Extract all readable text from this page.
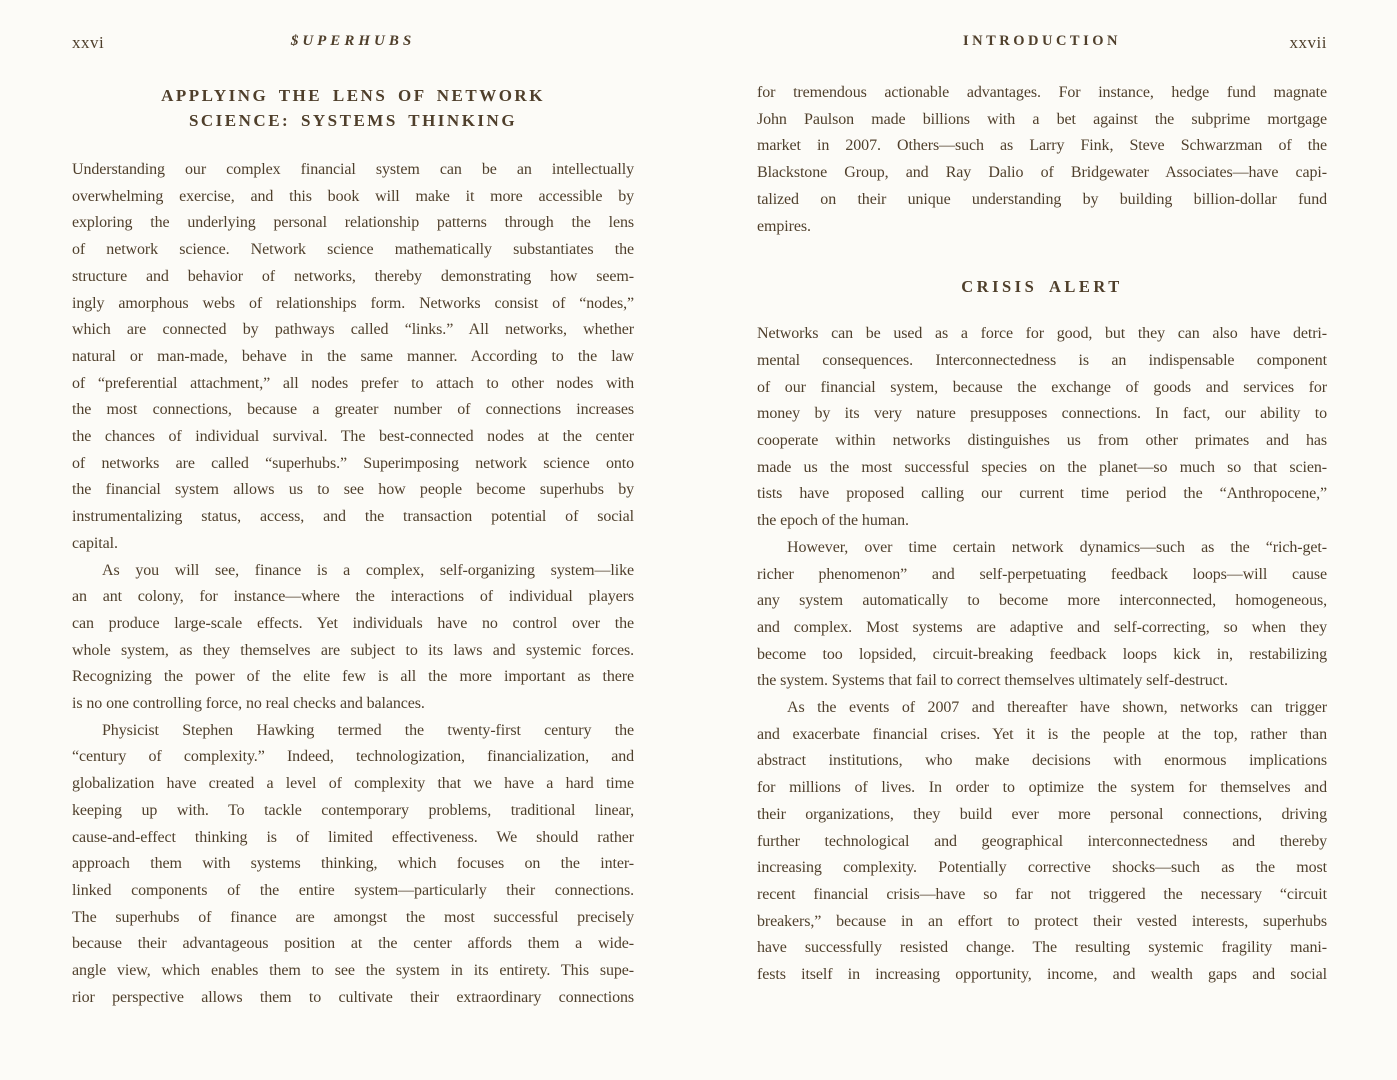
xxvi	$UPERHUBS
APPLYING THE LENS OF NETWORK
SCIENCE: SYSTEMS THINKING

Understanding our complex financial system can be an intellectually
overwhelming exercise, and this book will make it more accessible by
exploring the underlying personal relationship patterns through the lens
of network science. Network science mathematically substantiates the
structure and behavior of networks, thereby demonstrating how seem-
ingly amorphous webs of relationships form. Networks consist of “nodes,”
which are connected by pathways called “links.” All networks, whether
natural or man-made, behave in the same manner. According to the law
of “preferential attachment,” all nodes prefer to attach to other nodes with
the most connections, because a greater number of connections increases
the chances of individual survival. The best-connected nodes at the center
of networks are called “superhubs.” Superimposing network science onto
the financial system allows us to see how people become superhubs by
instrumentalizing status, access, and the transaction potential of social
capital.

As you will see, finance is a complex, self-organizing system—like
an ant colony, for instance—where the interactions of individual players
can produce large-scale effects. Yet individuals have no control over the
whole system, as they themselves are subject to its laws and systemic forces.
Recognizing the power of the elite few is all the more important as there
is no one controlling force, no real checks and balances.

Physicist Stephen Hawking termed the twenty-first century the
“century of complexity.” Indeed, technologization, financialization, and
globalization have created a level of complexity that we have a hard time
keeping up with. To tackle contemporary problems, traditional linear,
cause-and-effect thinking is of limited effectiveness. We should rather
approach them with systems thinking, which focuses on the inter-
linked components of the entire system—particularly their connections.
The superhubs of finance are amongst the most successful precisely
because their advantageous position at the center affords them a wide-
angle view, which enables them to see the system in its entirety. This supe-
rior perspective allows them to cultivate their extraordinary connections

INTRODUCTION	xxvii

for tremendous actionable advantages. For instance, hedge fund magnate
John Paulson made billions with a bet against the subprime mortgage
market in 2007. Others—such as Larry Fink, Steve Schwarzman of the
Blackstone Group, and Ray Dalio of Bridgewater Associates—have capi-
talized on their unique understanding by building billion-dollar fund
empires.

CRISIS ALERT

Networks can be used as a force for good, but they can also have detri-
mental consequences. Interconnectedness is an indispensable component
of our financial system, because the exchange of goods and services for
money by its very nature presupposes connections. In fact, our ability to
cooperate within networks distinguishes us from other primates and has
made us the most successful species on the planet—so much so that scien-
tists have proposed calling our current time period the “Anthropocene,”
the epoch of the human.

However, over time certain network dynamics—such as the “rich-get-
richer phenomenon” and self-perpetuating feedback loops—will cause
any system automatically to become more interconnected, homogeneous,
and complex. Most systems are adaptive and self-correcting, so when they
become too lopsided, circuit-breaking feedback loops kick in, restabilizing
the system. Systems that fail to correct themselves ultimately self-destruct.

As the events of 2007 and thereafter have shown, networks can trigger
and exacerbate financial crises. Yet it is the people at the top, rather than
abstract institutions, who make decisions with enormous implications
for millions of lives. In order to optimize the system for themselves and
their organizations, they build ever more personal connections, driving
further technological and geographical interconnectedness and thereby
increasing complexity. Potentially corrective shocks—such as the most
recent financial crisis—have so far not triggered the necessary “circuit
breakers,” because in an effort to protect their vested interests, superhubs
have successfully resisted change. The resulting systemic fragility mani-
fests itself in increasing opportunity, income, and wealth gaps and social
